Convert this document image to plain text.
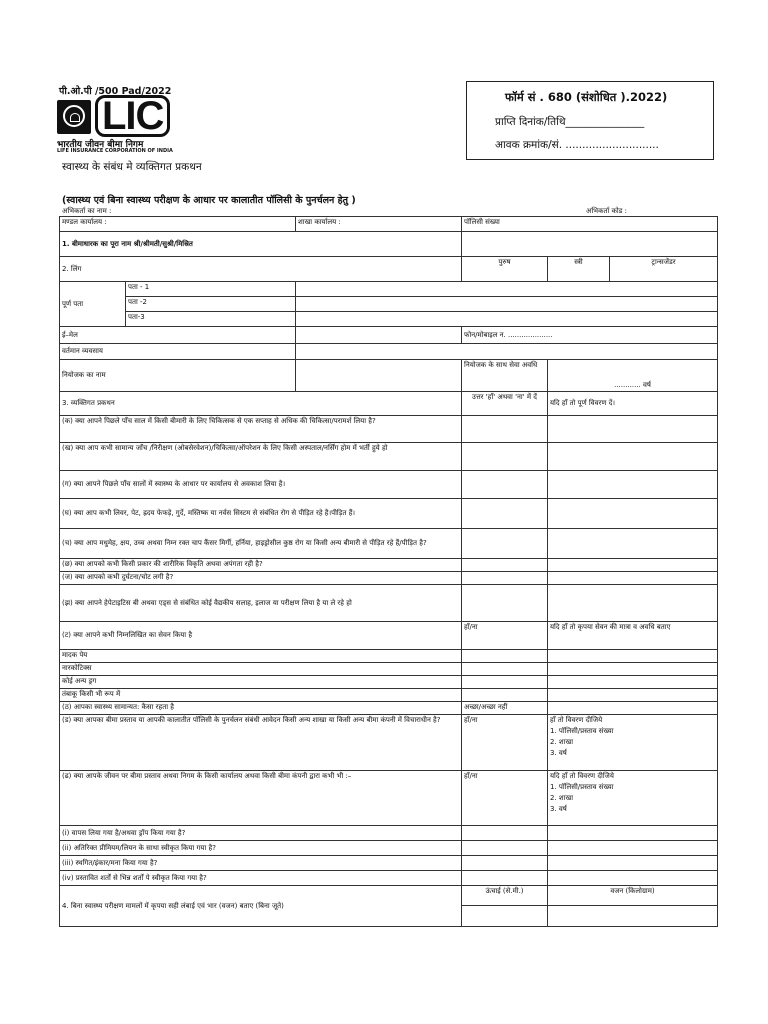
पी.ओ.पी /500 Pad/2022
LIC
भारतीय जीवन बीमा निगम
LIFE INSURANCE CORPORATION OF INDIA
स्वास्थ्य के संबंध मे व्यक्तिगत प्रकथन
फॉर्म सं . 680 (संशोधित ).2022)
प्राप्ति दिनांक/तिथि_______________
आवक क्रमांक/सं. ............................
(स्वास्थ्य एवं बिना स्वास्थ्य परीक्षण के आधार पर कालातीत पॉलिसी के पुनर्चलन हेतु )
अभिकर्ता का नाम :	अभिकर्ता कोड :
मण्डल कार्यालय :		शाखा कार्यालय :	पॉलिसी संख्या		
1. बीमाधारक का पूरा नाम श्री/श्रीमती/सुश्री/मिस्रित					
2. लिंग			पुरुष	स्त्री	ट्रान्सजेंडर
पूर्ण पता	पता - 1				
	पता -2				
	पता-3				
ई–मेल			फोन/मोबाइल न. ....................		
वर्तमान व्यवसाय					
नियोजक का नाम			नियोजक के साथ सेवा अवधि	............ वर्ष	
3. व्यक्तिगत प्रकथन			उत्तर 'हाँ' अथवा 'ना' में दें	यदि हाँ तो पूर्ण विवरण दें।	
(क) क्या आपने पिछले पाँच साल में किसी बीमारी के लिए चिकित्सक से एक सप्ताह से अधिक की चिकित्सा/परामर्श लिया है?					
(ख) क्या आप कभी सामान्य जाँच /निरीक्षण (ओबसेरवेशन)/चिकित्सा/ऑपरेशन के लिए किसी अस्पताल/नर्सिंग होम में भर्ती हुये हो					
(ग) क्या आपने पिछले पाँच सालों में स्वास्थ्य के आधार पर कार्यालय से अवकाश लिया है।					
(घ) क्या आप कभी लिवर, पेट, ह्रदय फेफड़े, गुर्दे, मस्तिष्क या नर्वस सिस्टम से संबंधित रोग से पीड़ित रहे है।पीड़ित हैं।					
(च) क्या आप मधुमेह, क्षय, उच्च अथवा निम्न रक्त चाप कैंसर मिर्गी, हर्निया, हाइड्रोसील कुष्ठ रोग या किसी अन्य बीमारी से पीड़ित रहे हैं/पीड़ित है?					
(छ) क्या आपको कभी किसी प्रकार की शारीरिक विकृति अथवा अपंगता रही है?					
(ज) क्या आपको कभी दुर्घटना/चोट लगी है?					
(झ) क्या आपने हेपेटाइटिस बी अथवा एड्स से संबंधित कोई वैद्यकीय सलाह, इलाज या परीक्षण लिया है या ले रहे हो					
(ट) क्या आपने कभी निम्नलिखित का सेवन किया है			हाँ/ना	यदि हाँ तो कृपया सेवन की मात्रा व अवधि बताए	
मादक पेय					
नारकोटिक्स					
कोई अन्य ड्रग					
तंबाकू किसी भी रूप में					
(ठ) आपका स्वास्थ्य सामान्यत: कैसा रहता है			अच्छा/अच्छा नहीं		
(ड) क्या आपका बीमा प्रस्ताव या आपकी कालातीत पॉलिसी के पुनर्चलन संबंधी आवेदन किसी अन्य शाखा या किसी अन्य बीमा कंपनी में विचाराधीन है?			हाँ/ना	हाँ तो विवरण दीजिये
1. पॉलिसी/प्रस्ताव संख्या
2. शाखा
3. वर्ष	

(ढ) क्या आपके जीवन पर बीमा प्रस्ताव अथवा निगम के किसी कार्यालय अथवा किसी बीमा कंपनी द्वारा कभी भी :–			हाँ/ना	यदि हाँ तो विवरण दीजिये
1. पॉलिसी/प्रस्ताव संख्या
2. शाखा
3. वर्ष	

(i) वापस लिया गया है/अथवा ड्रॉप किया गया है?					
(ii) अतिरिक्त प्रीमियम/लियन के साथा स्वीकृत किया गया है?					
(iii) स्थगित/इंकार/मना किया गया है?					
(iv) प्रस्तावित शर्तों से भिन्न शर्तों पे स्वीकृत किया गया है?					
4. बिना स्वास्थ्य परीक्षण मामलों में कृपया सही लंबाई एवं भार (वजन) बताए (बिना जूते)			ऊंचाई (से.मी.)	वजन (किलोग्राम)	
